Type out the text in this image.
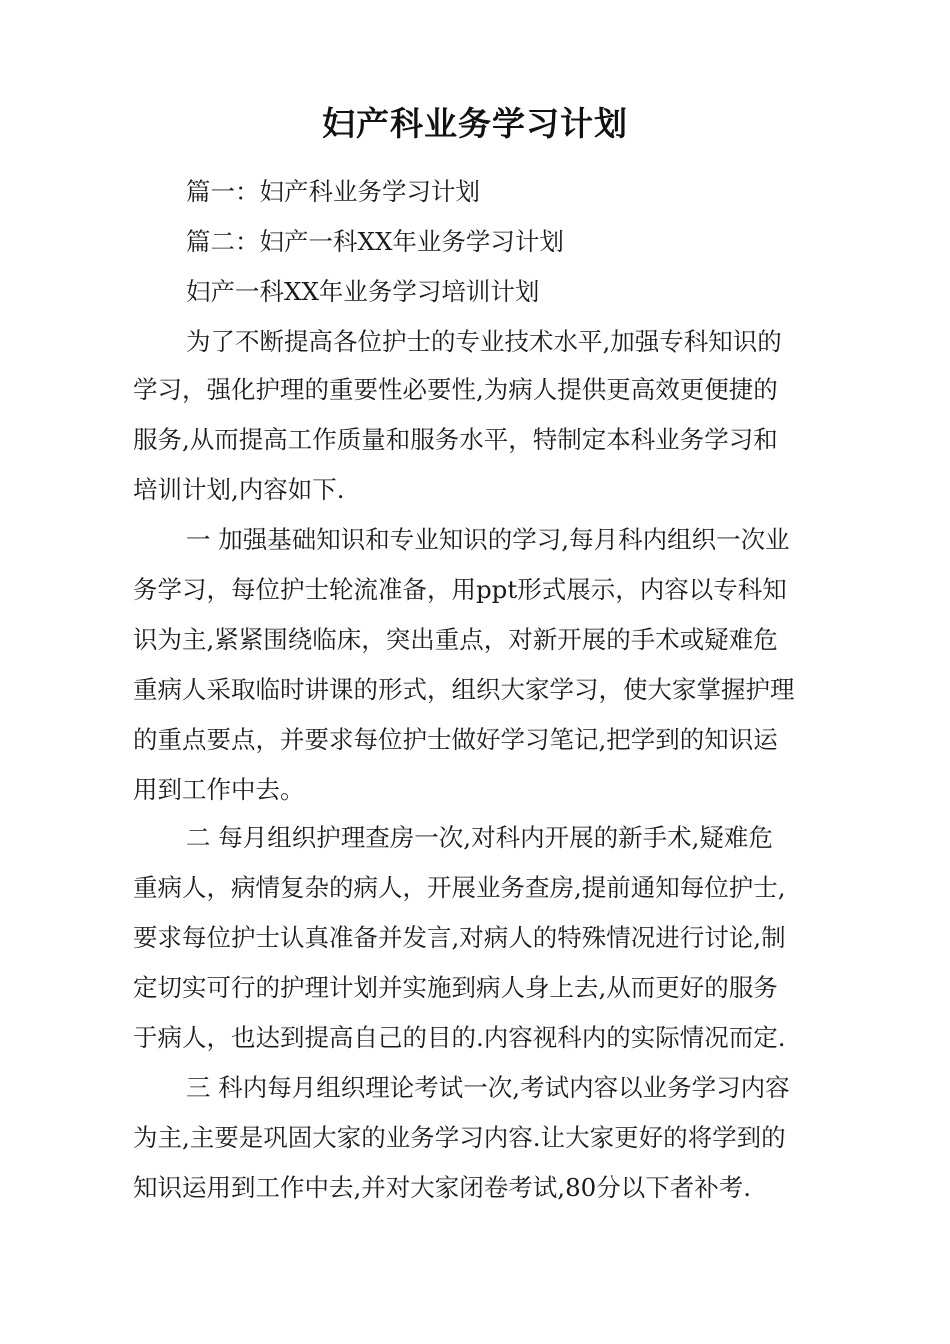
妇产科业务学习计划

篇一：妇产科业务学习计划

篇二：妇产一科XX年业务学习计划

妇产一科XX年业务学习培训计划

为了不断提高各位护士的专业技术水平,加强专科知识的

学习，强化护理的重要性必要性,为病人提供更高效更便捷的

服务,从而提高工作质量和服务水平，特制定本科业务学习和

培训计划,内容如下.

一 加强基础知识和专业知识的学习,每月科内组织一次业

务学习，每位护士轮流准备，用ppt形式展示，内容以专科知

识为主,紧紧围绕临床，突出重点，对新开展的手术或疑难危

重病人采取临时讲课的形式，组织大家学习，使大家掌握护理

的重点要点，并要求每位护士做好学习笔记,把学到的知识运

用到工作中去。

二 每月组织护理查房一次,对科内开展的新手术,疑难危

重病人，病情复杂的病人，开展业务查房,提前通知每位护士,

要求每位护士认真准备并发言,对病人的特殊情况进行讨论,制

定切实可行的护理计划并实施到病人身上去,从而更好的服务

于病人，也达到提高自己的目的.内容视科内的实际情况而定.

三 科内每月组织理论考试一次,考试内容以业务学习内容

为主,主要是巩固大家的业务学习内容.让大家更好的将学到的

知识运用到工作中去,并对大家闭卷考试,80分以下者补考.
